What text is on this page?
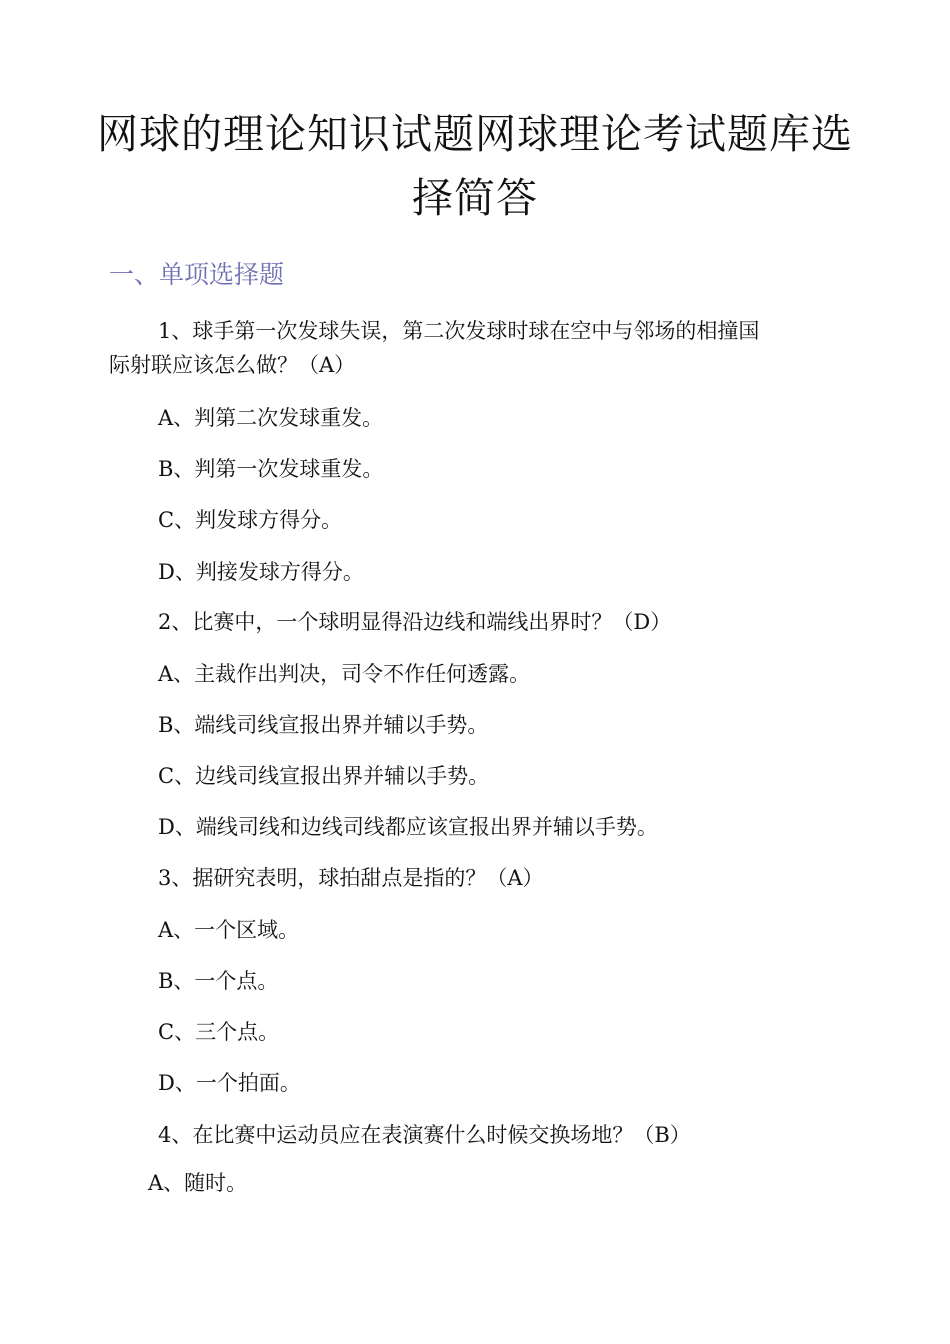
网球的理论知识试题网球理论考试题库选
择简答
一、单项选择题

1、球手第一次发球失误，第二次发球时球在空中与邻场的相撞国

际射联应该怎么做？（A）

A、判第二次发球重发。

B、判第一次发球重发。

C、判发球方得分。

D、判接发球方得分。

2、比赛中，一个球明显得沿边线和端线出界时？（D）

A、主裁作出判决，司令不作任何透露。

B、端线司线宣报出界并辅以手势。

C、边线司线宣报出界并辅以手势。

D、端线司线和边线司线都应该宣报出界并辅以手势。

3、据研究表明，球拍甜点是指的？（A）

A、一个区域。

B、一个点。

C、三个点。

D、一个拍面。

4、在比赛中运动员应在表演赛什么时候交换场地？（B）

A、随时。
